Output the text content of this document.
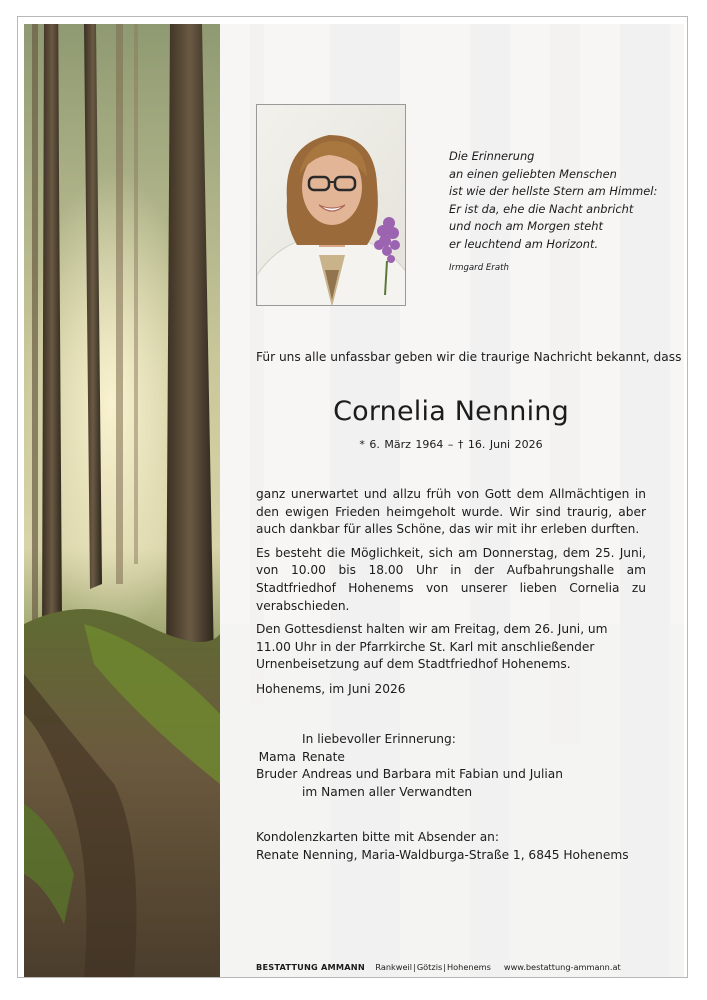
Die Erinnerung
an einen geliebten Menschen
ist wie der hellste Stern am Himmel:
Er ist da, ehe die Nacht anbricht
und noch am Morgen steht
er leuchtend am Horizont.
Irmgard Erath
Für uns alle unfassbar geben wir die traurige Nachricht bekannt, dass
Cornelia Nenning
* 6. März 1964 – † 16. Juni 2026

ganz unerwartet und allzu früh von Gott dem Allmächtigen in den ewigen Frieden heimgeholt wurde. Wir sind traurig, aber auch dankbar für alles Schöne, das wir mit ihr erleben durften.

Es besteht die Möglichkeit, sich am Donnerstag, dem 25. Juni, von 10.00 bis 18.00 Uhr in der Aufbahrungshalle am Stadtfriedhof Hohenems von unserer lieben Cornelia zu verabschieden.

Den Gottesdienst halten wir am Freitag, dem 26. Juni, um 11.00 Uhr in der Pfarrkirche St. Karl mit anschließender Urnenbeisetzung auf dem Stadtfriedhof Hohenems.

Hohenems, im Juni 2026
In liebevoller Erinnerung:
Mama Renate
Bruder Andreas und Barbara mit Fabian und Julian
im Namen aller Verwandten
Kondolenzkarten bitte mit Absender an:
Renate Nenning, Maria-Waldburga-Straße 1, 6845 Hohenems
BESTATTUNG AMMANN Rankweil|Götzis|Hohenems www.bestattung-ammann.at
